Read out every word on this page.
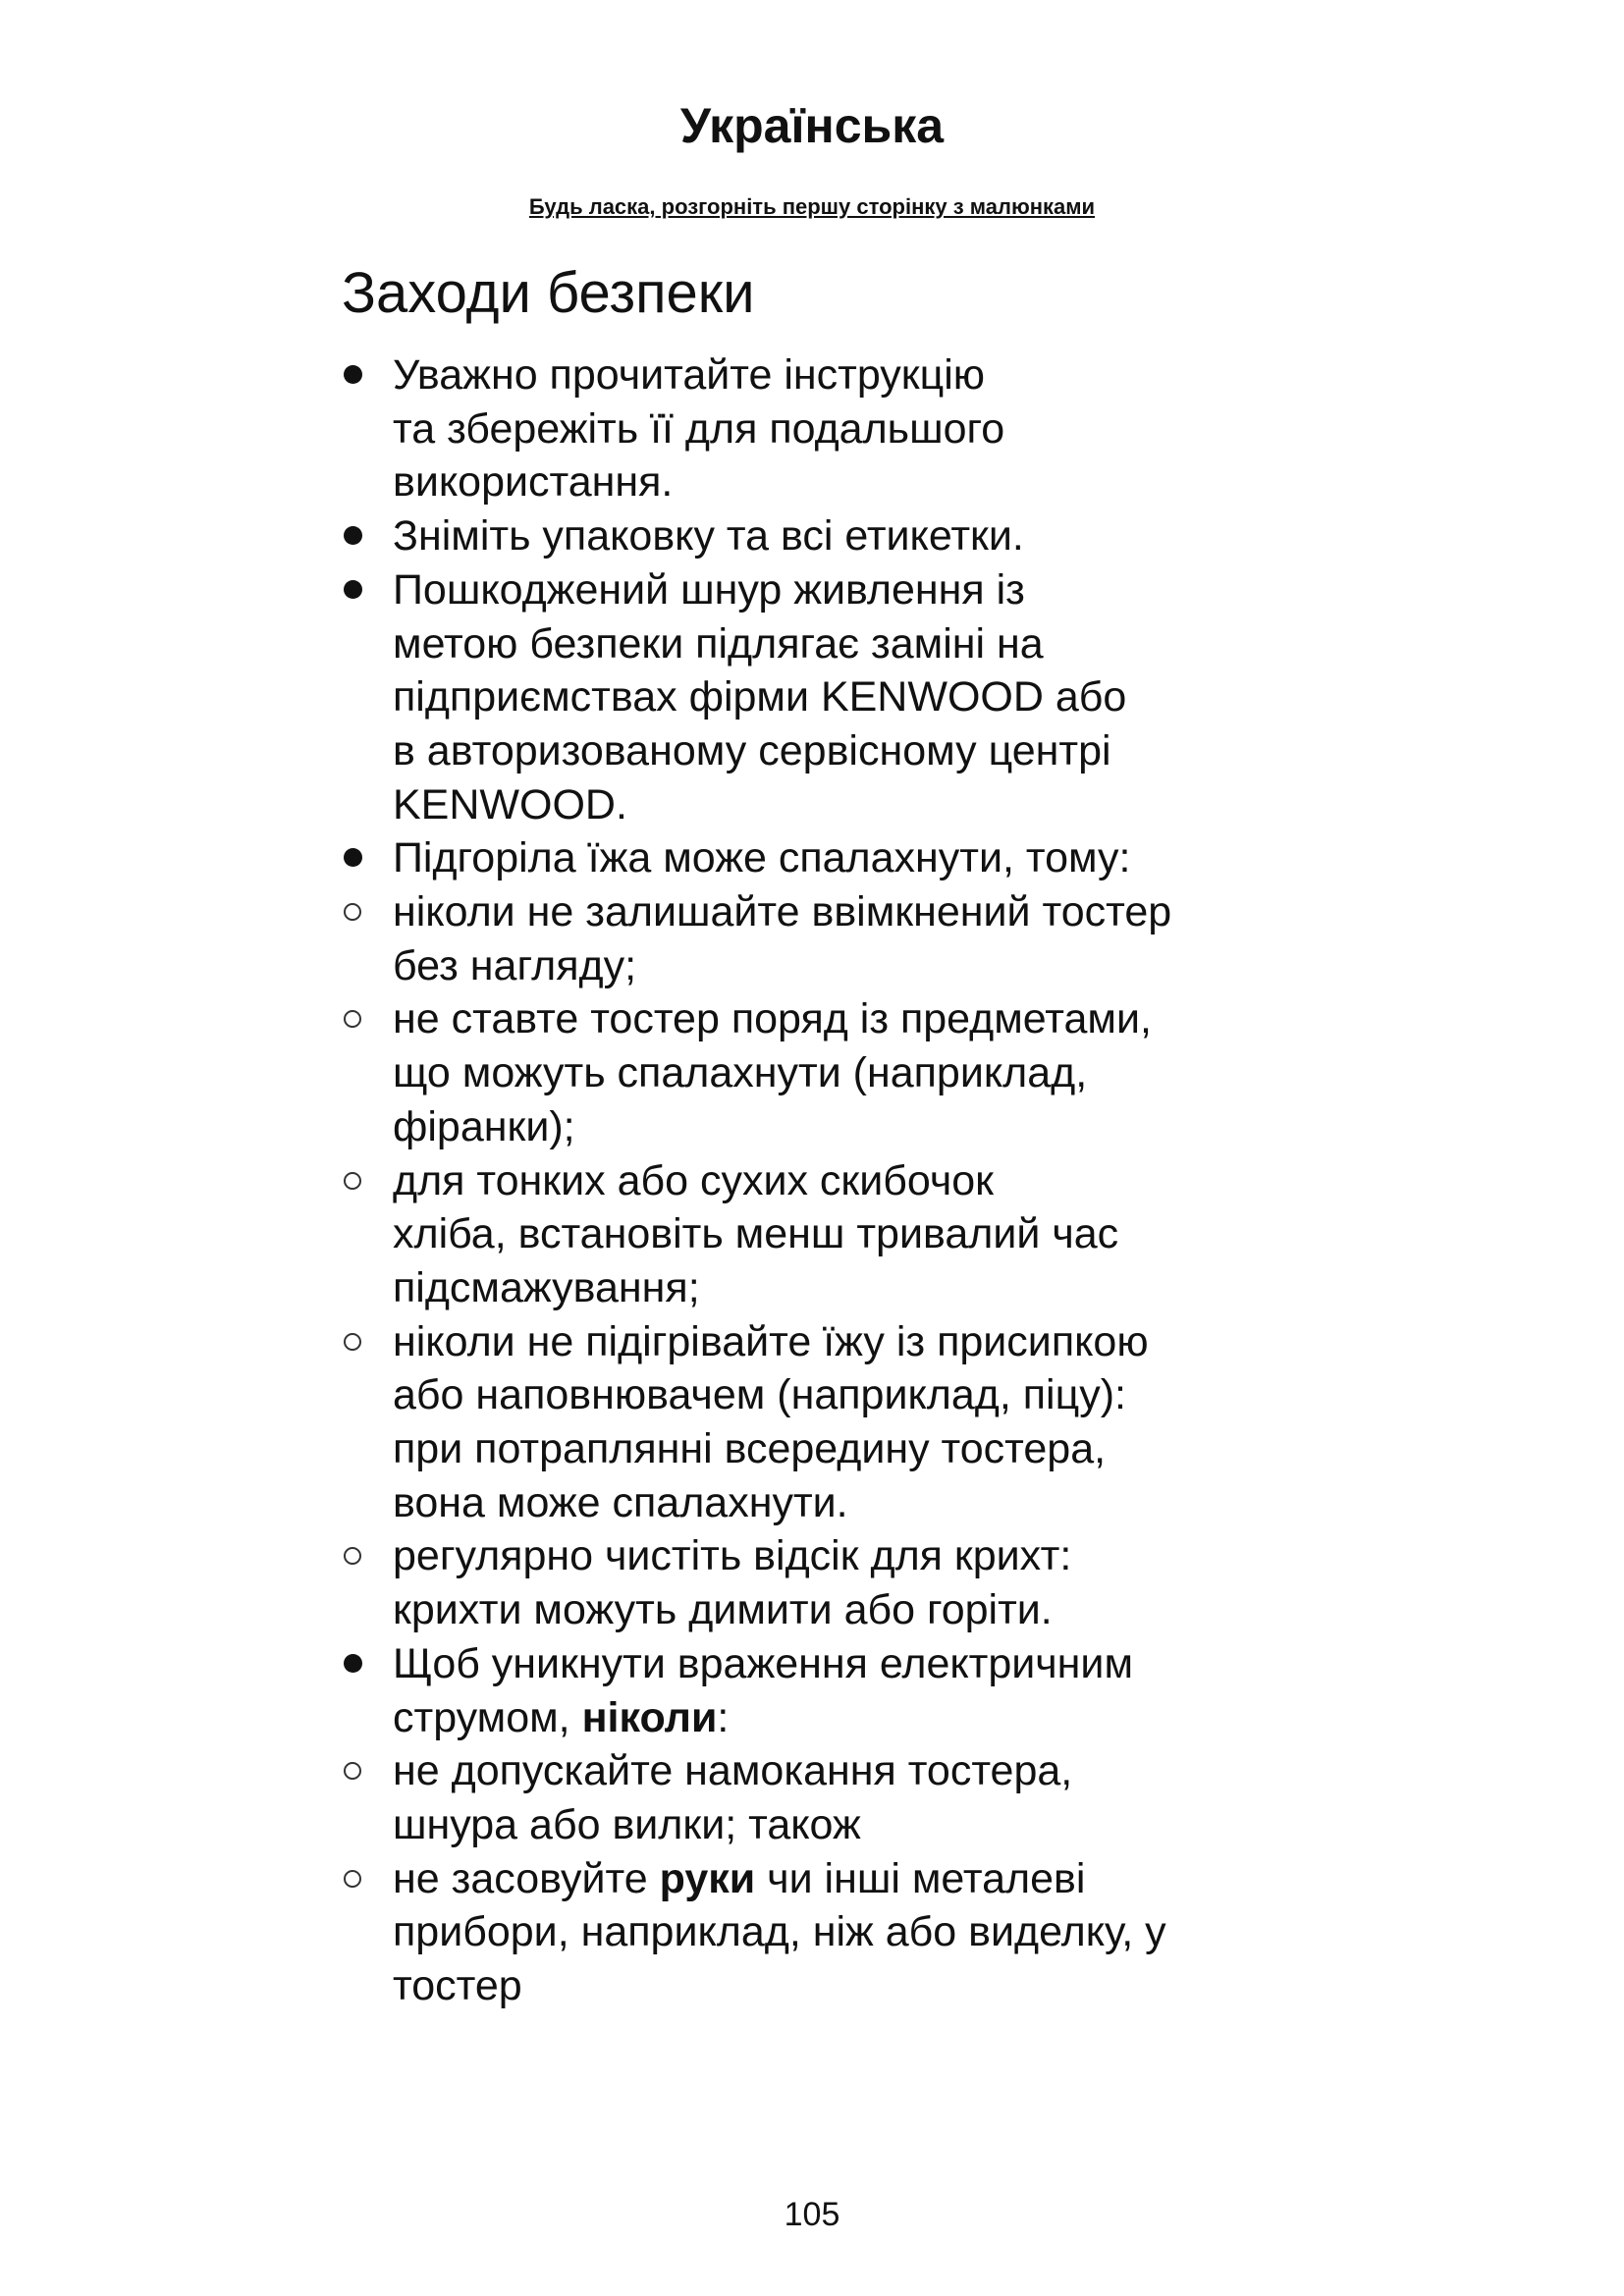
Українська

Будь ласка, розгорніть першу сторінку з малюнками

Заходи безпеки
Уважно прочитайте інструкцію
та збережіть її для подальшого
використання.
Зніміть упаковку та всі етикетки.
Пошкоджений шнур живлення із
метою безпеки підлягає заміні на
підприємствах фірми KENWOOD або
в авторизованому сервісному центрі
KENWOOD.
Підгоріла їжа може спалахнути, тому:
ніколи не залишайте ввімкнений тостер
без нагляду;
не ставте тостер поряд із предметами,
що можуть спалахнути (наприклад,
фіранки);
для тонких або сухих скибочок
хліба, встановіть менш тривалий час
підсмажування;
ніколи не підігрівайте їжу із присипкою
або наповнювачем (наприклад, піцу):
при потраплянні всередину тостера,
вона може спалахнути.
регулярно чистіть відсік для крихт:
крихти можуть димити або горіти.
Щоб уникнути враження електричним
струмом, ніколи:
не допускайте намокання тостера,
шнура або вилки; також
не засовуйте руки чи інші металеві
прибори, наприклад, ніж або виделку, у
тостер

105
